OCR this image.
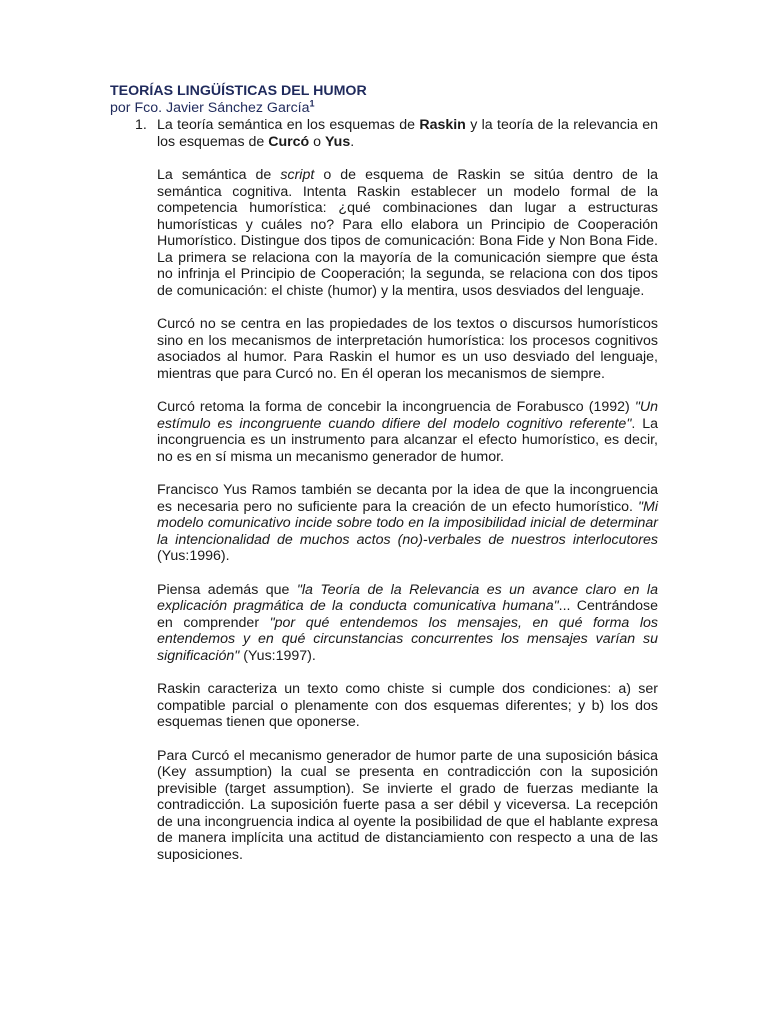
TEORÍAS LINGÜÍSTICAS DEL HUMOR

por Fco. Javier Sánchez García$^1$

1. La teoría semántica en los esquemas de Raskin y la teoría de la relevancia en los esquemas de Curcó o Yus.

La semántica de script o de esquema de Raskin se sitúa dentro de la semántica cognitiva. Intenta Raskin establecer un modelo formal de la competencia humorística: ¿qué combinaciones dan lugar a estructuras humorísticas y cuáles no? Para ello elabora un Principio de Cooperación Humorístico. Distingue dos tipos de comunicación: Bona Fide y Non Bona Fide. La primera se relaciona con la mayoría de la comunicación siempre que ésta no infrinja el Principio de Cooperación; la segunda, se relaciona con dos tipos de comunicación: el chiste (humor) y la mentira, usos desviados del lenguaje.

Curcó no se centra en las propiedades de los textos o discursos humorísticos sino en los mecanismos de interpretación humorística: los procesos cognitivos asociados al humor. Para Raskin el humor es un uso desviado del lenguaje, mientras que para Curcó no. En él operan los mecanismos de siempre.

Curcó retoma la forma de concebir la incongruencia de Forabusco (1992) "Un estímulo es incongruente cuando difiere del modelo cognitivo referente". La incongruencia es un instrumento para alcanzar el efecto humorístico, es decir, no es en sí misma un mecanismo generador de humor.

Francisco Yus Ramos también se decanta por la idea de que la incongruencia es necesaria pero no suficiente para la creación de un efecto humorístico. "Mi modelo comunicativo incide sobre todo en la imposibilidad inicial de determinar la intencionalidad de muchos actos (no)-verbales de nuestros interlocutores (Yus:1996).

Piensa además que "la Teoría de la Relevancia es un avance claro en la explicación pragmática de la conducta comunicativa humana"... Centrándose en comprender "por qué entendemos los mensajes, en qué forma los entendemos y en qué circunstancias concurrentes los mensajes varían su significación" (Yus:1997).

Raskin caracteriza un texto como chiste si cumple dos condiciones: a) ser compatible parcial o plenamente con dos esquemas diferentes; y b) los dos esquemas tienen que oponerse.

Para Curcó el mecanismo generador de humor parte de una suposición básica (Key assumption) la cual se presenta en contradicción con la suposición previsible (target assumption). Se invierte el grado de fuerzas mediante la contradicción. La suposición fuerte pasa a ser débil y viceversa. La recepción de una incongruencia indica al oyente la posibilidad de que el hablante expresa de manera implícita una actitud de distanciamiento con respecto a una de las suposiciones.
